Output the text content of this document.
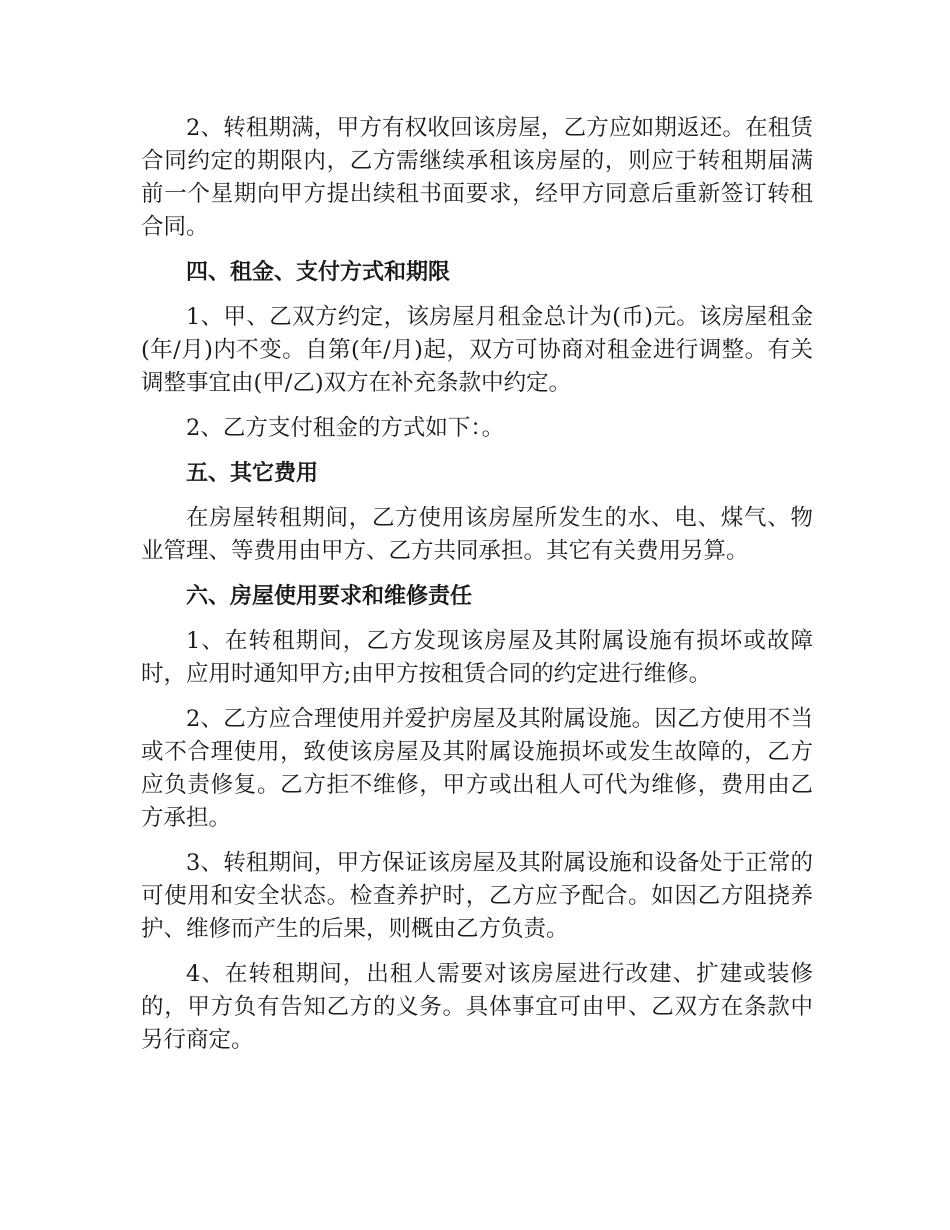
2、转租期满，甲方有权收回该房屋，乙方应如期返还。在租赁合同约定的期限内，乙方需继续承租该房屋的，则应于转租期届满前一个星期向甲方提出续租书面要求，经甲方同意后重新签订转租合同。

四、租金、支付方式和期限

1、甲、乙双方约定，该房屋月租金总计为(币)元。该房屋租金(年/月)内不变。自第(年/月)起，双方可协商对租金进行调整。有关调整事宜由(甲/乙)双方在补充条款中约定。

2、乙方支付租金的方式如下：。

五、其它费用

在房屋转租期间，乙方使用该房屋所发生的水、电、煤气、物业管理、等费用由甲方、乙方共同承担。其它有关费用另算。

六、房屋使用要求和维修责任

1、在转租期间，乙方发现该房屋及其附属设施有损坏或故障时，应用时通知甲方;由甲方按租赁合同的约定进行维修。

2、乙方应合理使用并爱护房屋及其附属设施。因乙方使用不当或不合理使用，致使该房屋及其附属设施损坏或发生故障的，乙方应负责修复。乙方拒不维修，甲方或出租人可代为维修，费用由乙方承担。

3、转租期间，甲方保证该房屋及其附属设施和设备处于正常的可使用和安全状态。检查养护时，乙方应予配合。如因乙方阻挠养护、维修而产生的后果，则概由乙方负责。

4、在转租期间，出租人需要对该房屋进行改建、扩建或装修的，甲方负有告知乙方的义务。具体事宜可由甲、乙双方在条款中另行商定。
